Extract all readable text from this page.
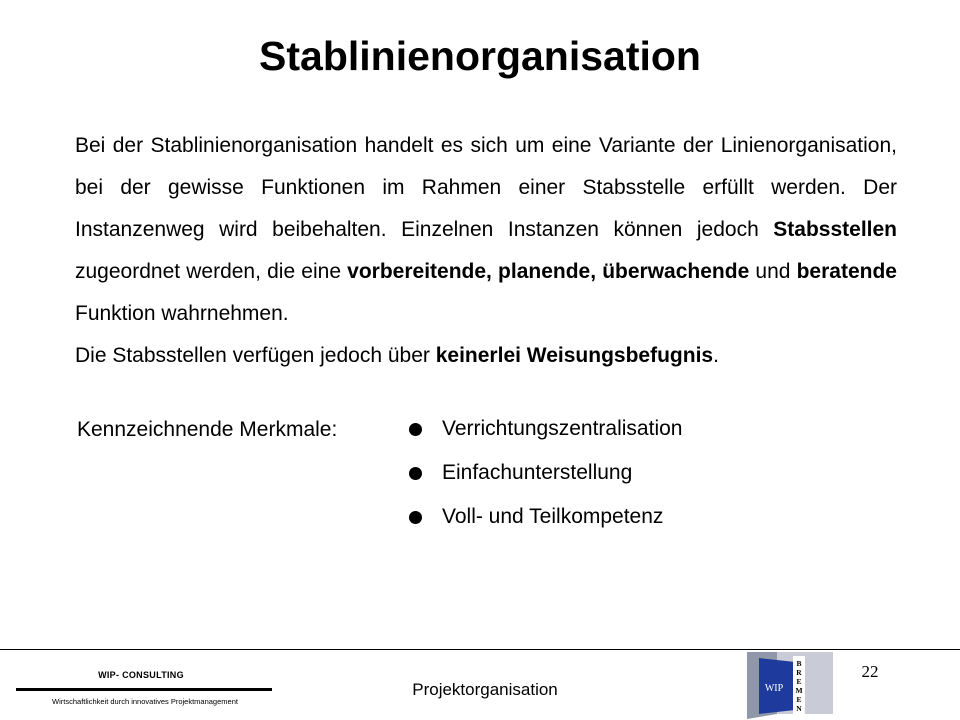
Stablinienorganisation

Bei der Stablinienorganisation handelt es sich um eine Variante der Linienorganisation, bei der gewisse Funktionen im Rahmen einer Stabsstelle erfüllt werden. Der Instanzenweg wird beibehalten. Einzelnen Instanzen können jedoch Stabsstellen zugeordnet werden, die eine vorbereitende, planende, überwachende und beratende Funktion wahrnehmen.

Die Stabsstellen verfügen jedoch über keinerlei Weisungsbefugnis.

Kennzeichnende Merkmale:	Verrichtungszentralisation
Einfachunterstellung
Voll- und Teilkompetenz
WIP- CONSULTING
Wirtschaftlichkeit durch innovatives Projektmanagement
Projektorganisation
22
WIP
B
R
E
M
E
N
